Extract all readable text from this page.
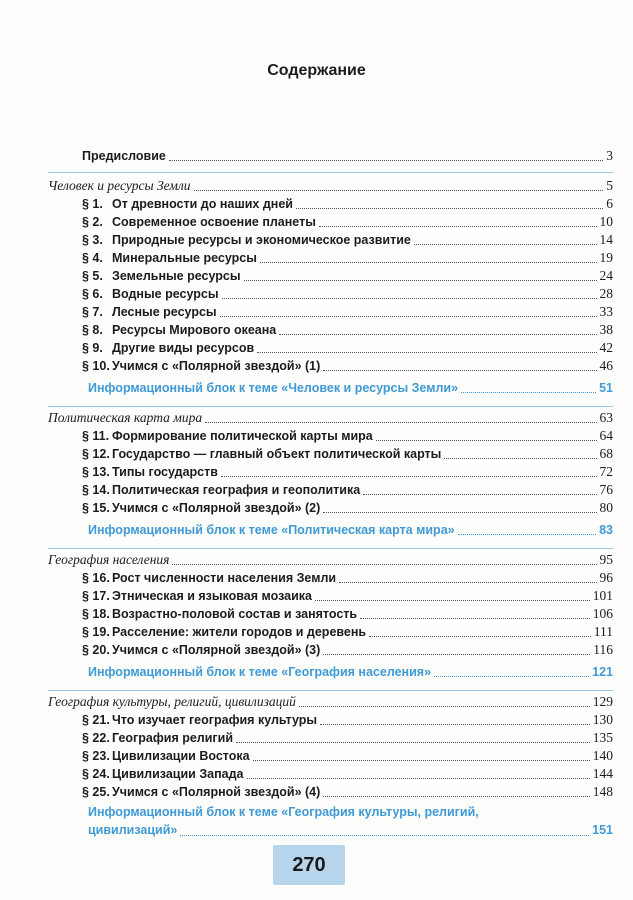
Содержание
Предисловие	3
Человек и ресурсы Земли	5
§ 1. От древности до наших дней	6
§ 2. Современное освоение планеты	10
§ 3. Природные ресурсы и экономическое развитие	14
§ 4. Минеральные ресурсы	19
§ 5. Земельные ресурсы	24
§ 6. Водные ресурсы	28
§ 7. Лесные ресурсы	33
§ 8. Ресурсы Мирового океана	38
§ 9. Другие виды ресурсов	42
§ 10. Учимся с «Полярной звездой» (1)	46
Информационный блок к теме «Человек и ресурсы Земли»	51
Политическая карта мира	63
§ 11. Формирование политической карты мира	64
§ 12. Государство — главный объект политической карты	68
§ 13. Типы государств	72
§ 14. Политическая география и геополитика	76
§ 15. Учимся с «Полярной звездой» (2)	80
Информационный блок к теме «Политическая карта мира»	83
География населения	95
§ 16. Рост численности населения Земли	96
§ 17. Этническая и языковая мозаика	101
§ 18. Возрастно-половой состав и занятость	106
§ 19. Расселение: жители городов и деревень	111
§ 20. Учимся с «Полярной звездой» (3)	116
Информационный блок к теме «География населения»	121
География культуры, религий, цивилизаций	129
§ 21. Что изучает география культуры	130
§ 22. География религий	135
§ 23. Цивилизации Востока	140
§ 24. Цивилизации Запада	144
§ 25. Учимся с «Полярной звездой» (4)	148
Информационный блок к теме «География культуры, религий,
цивилизаций»	151
270
